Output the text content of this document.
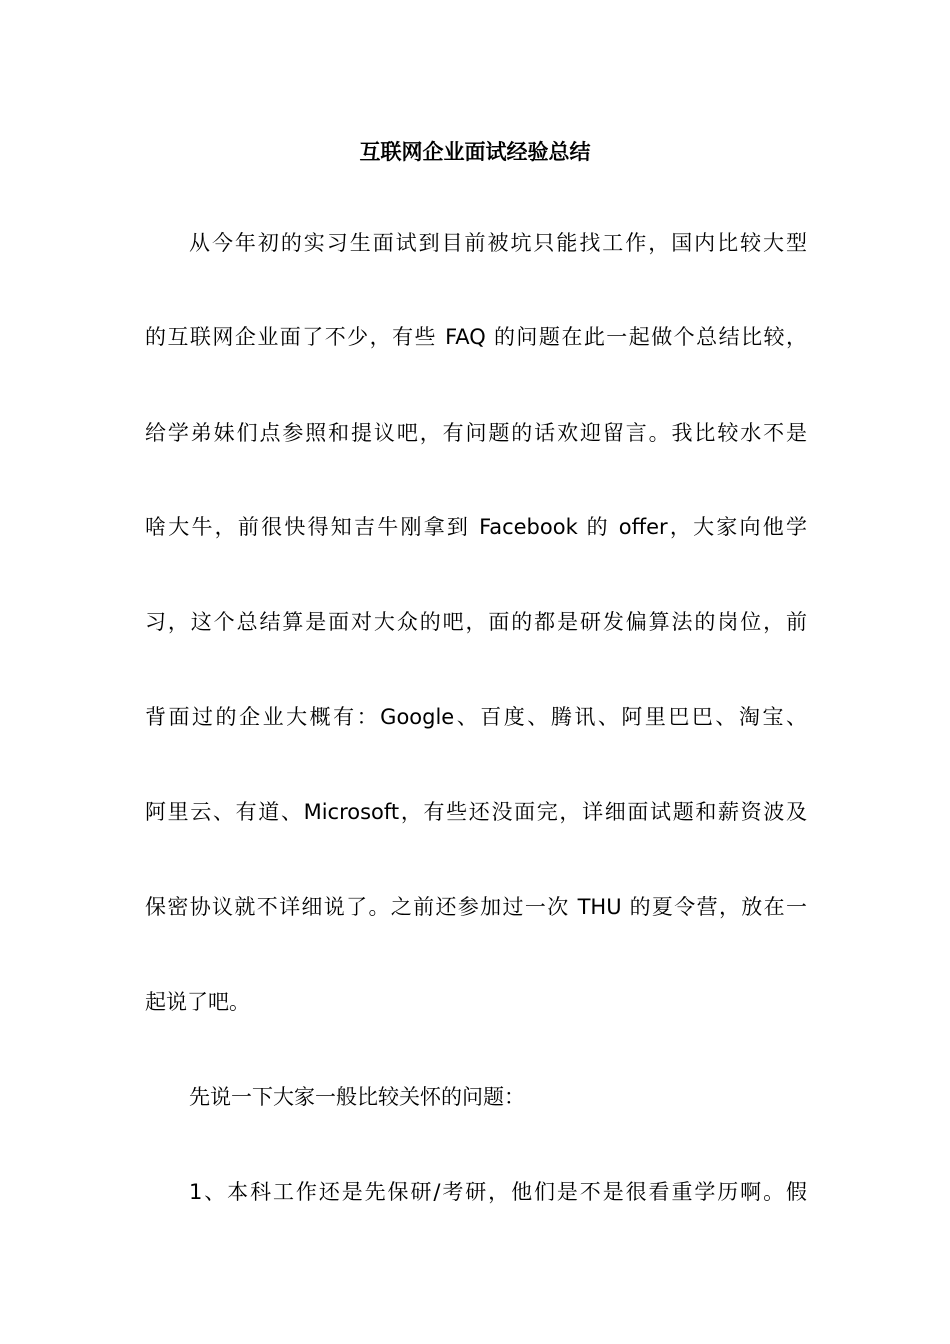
互联网企业面试经验总结
从今年初的实习生面试到目前被坑只能找工作，国内比较大型
的互联网企业面了不少，有些 FAQ 的问题在此一起做个总结比较，
给学弟妹们点参照和提议吧，有问题的话欢迎留言。我比较水不是
啥大牛，前很快得知吉牛刚拿到 Facebook 的 offer，大家向他学
习，这个总结算是面对大众的吧，面的都是研发偏算法的岗位，前
背面过的企业大概有：Google、百度、腾讯、阿里巴巴、淘宝、
阿里云、有道、Microsoft，有些还没面完，详细面试题和薪资波及
保密协议就不详细说了。之前还参加过一次 THU 的夏令营，放在一
起说了吧。
先说一下大家一般比较关怀的问题：
1、本科工作还是先保研/考研，他们是不是很看重学历啊。假
